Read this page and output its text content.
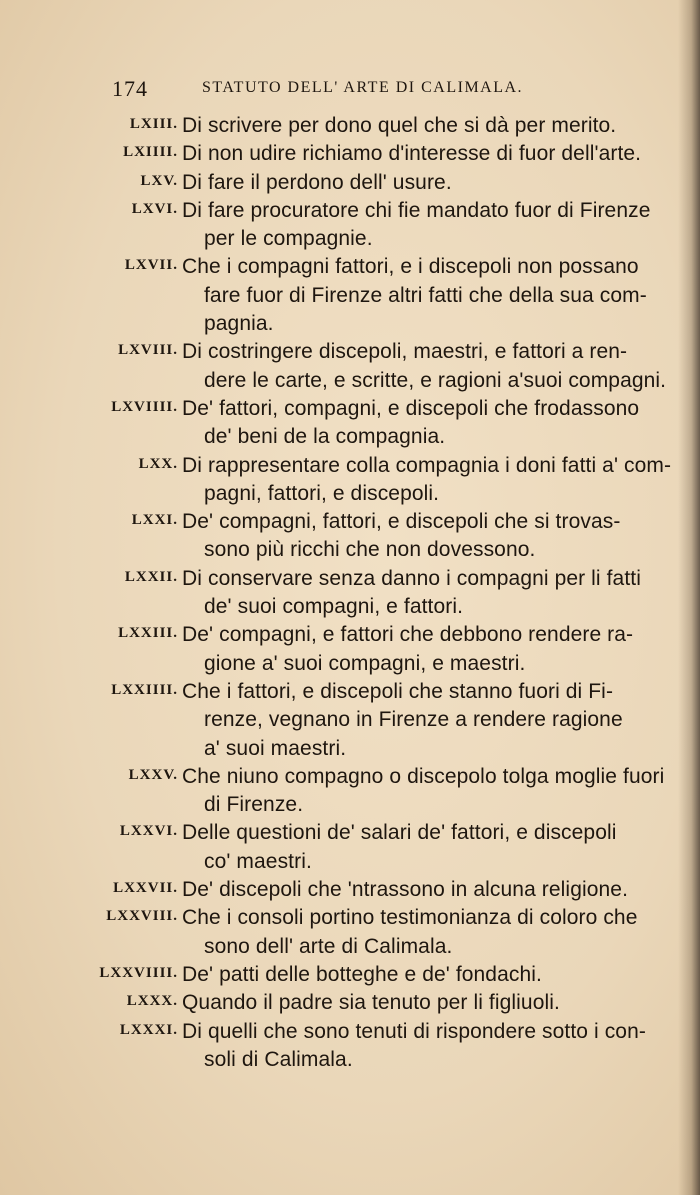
174	STATUTO DELL' ARTE DI CALIMALA.
LXIII. Di scrivere per dono quel che si dà per merito.
LXIIII. Di non udire richiamo d'interesse di fuor dell'arte.
LXV. Di fare il perdono dell' usure.
LXVI. Di fare procuratore chi fie mandato fuor di Firenze
per le compagnie.
LXVII. Che i compagni fattori, e i discepoli non possano
fare fuor di Firenze altri fatti che della sua com-
pagnia.
LXVIII. Di costringere discepoli, maestri, e fattori a ren-
dere le carte, e scritte, e ragioni a'suoi compagni.
LXVIIII. De' fattori, compagni, e discepoli che frodassono
de' beni de la compagnia.
LXX. Di rappresentare colla compagnia i doni fatti a' com-
pagni, fattori, e discepoli.
LXXI. De' compagni, fattori, e discepoli che si trovas-
sono più ricchi che non dovessono.
LXXII. Di conservare senza danno i compagni per li fatti
de' suoi compagni, e fattori.
LXXIII. De' compagni, e fattori che debbono rendere ra-
gione a' suoi compagni, e maestri.
LXXIIII. Che i fattori, e discepoli che stanno fuori di Fi-
renze, vegnano in Firenze a rendere ragione
a' suoi maestri.
LXXV. Che niuno compagno o discepolo tolga moglie fuori
di Firenze.
LXXVI. Delle questioni de' salari de' fattori, e discepoli
co' maestri.
LXXVII. De' discepoli che 'ntrassono in alcuna religione.
LXXVIII. Che i consoli portino testimonianza di coloro che
sono dell' arte di Calimala.
LXXVIIII. De' patti delle botteghe e de' fondachi.
LXXX. Quando il padre sia tenuto per li figliuoli.
LXXXI. Di quelli che sono tenuti di rispondere sotto i con-
soli di Calimala.
